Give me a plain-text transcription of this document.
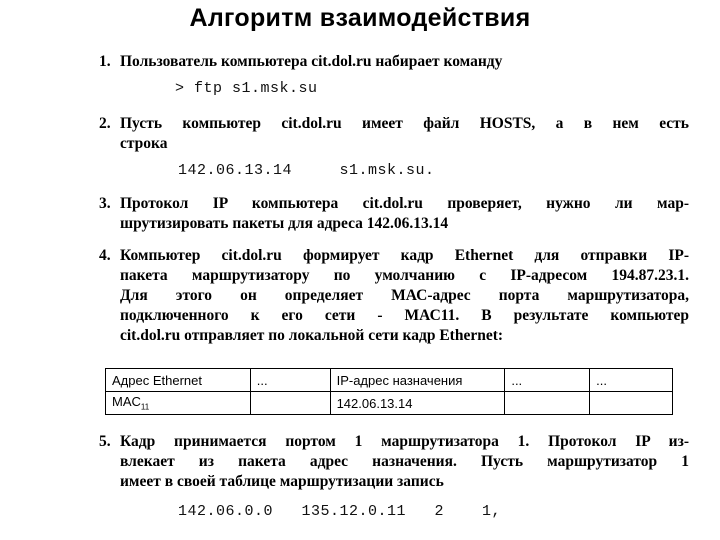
Алгоритм взаимодействия
1. Пользователь компьютера cit.dol.ru набирает команду

> ftp s1.msk.su
2. Пусть компьютер cit.dol.ru имеет файл HOSTS, а в нем есть

строка

142.06.13.14     s1.msk.su.
3. Протокол IP компьютера cit.dol.ru проверяет, нужно ли мар-

шрутизировать пакеты для адреса 142.06.13.14

4. Компьютер cit.dol.ru формирует кадр Ethernet для отправки IP-

пакета маршрутизатору по умолчанию с IP-адресом 194.87.23.1.

Для этого он определяет МАС-адрес порта маршрутизатора,

подключенного к его сети - МАС11. В результате компьютер

cit.dol.ru отправляет по локальной сети кадр Ethernet:

Адрес Ethernet	...	IP-адрес назначения	...	...
$MAC_{11}$		142.06.13.14		
5. Кадр принимается портом 1 маршрутизатора 1. Протокол IP из-

влекает из пакета адрес назначения. Пусть маршрутизатор 1

имеет в своей таблице маршрутизации запись

142.06.0.0   135.12.0.11   2    1,
